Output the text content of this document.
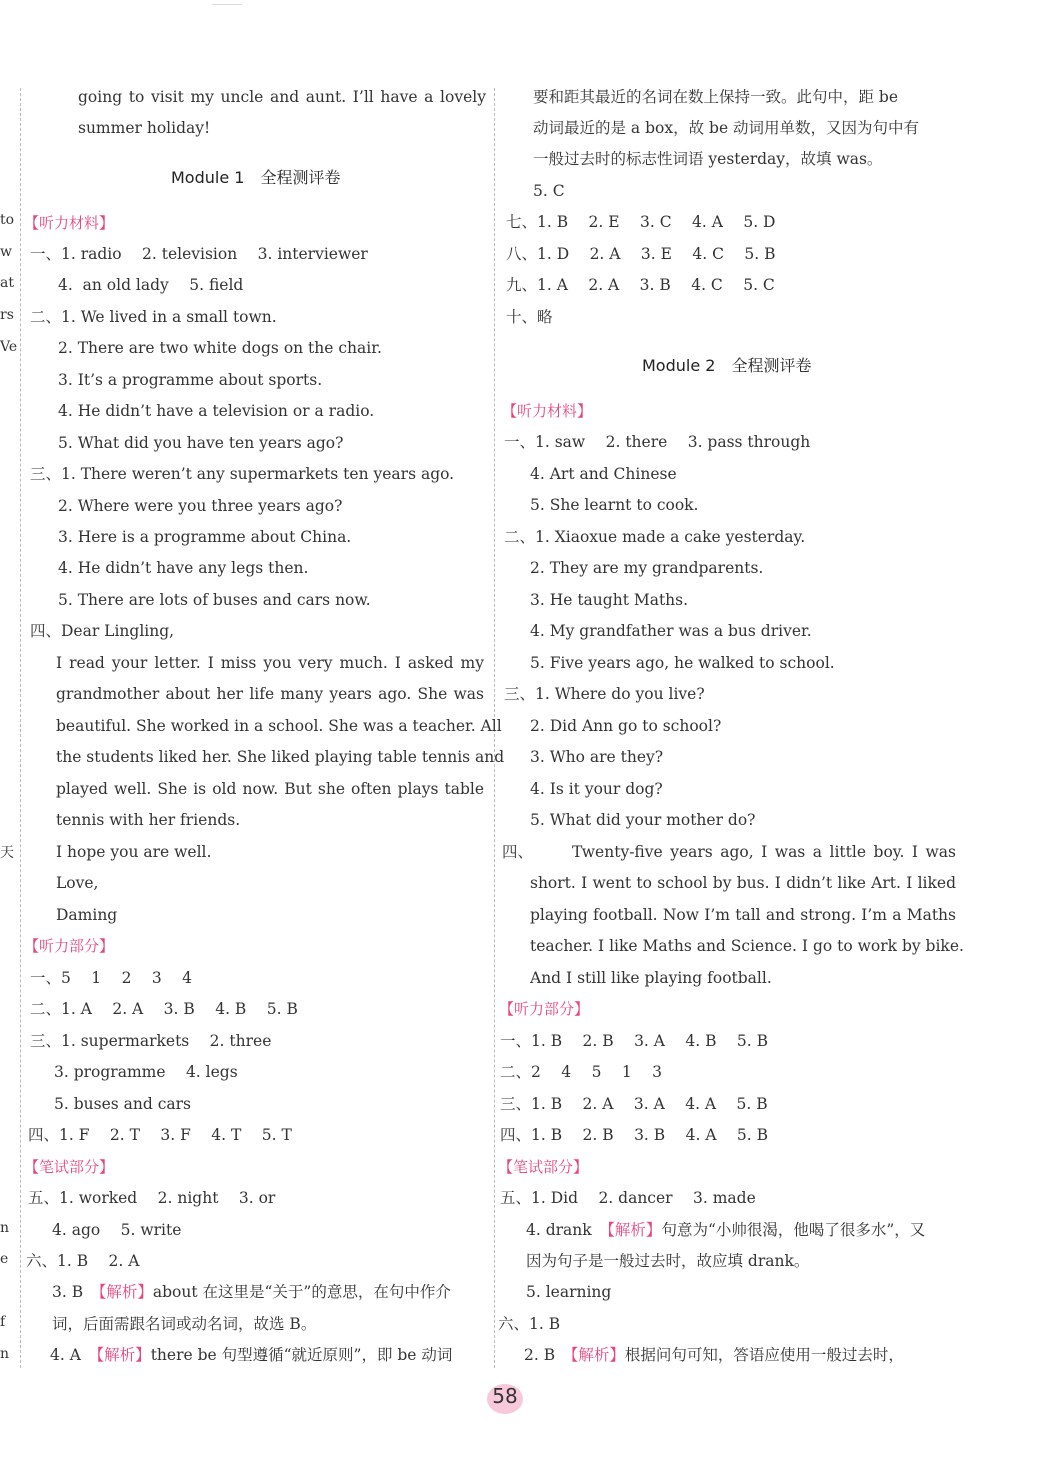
to
w
at
rs
Ve
天
n
e
f
n
going to visit my uncle and aunt. I’ll have a lovely
summer holiday!
Module 1　全程测评卷
【听力材料】
一、1. radio　 2. television　 3. interviewer
4.  an old lady　 5. field
二、1. We lived in a small town.
2. There are two white dogs on the chair.
3. It’s a programme about sports.
4. He didn’t have a television or a radio.
5. What did you have ten years ago?
三、1. There weren’t any supermarkets ten years ago.
2. Where were you three years ago?
3. Here is a programme about China.
4. He didn’t have any legs then.
5. There are lots of buses and cars now.
四、Dear Lingling,
I read your letter. I miss you very much. I asked my
grandmother about her life many years ago. She was
beautiful. She worked in a school. She was a teacher. All
the students liked her. She liked playing table tennis and
played well. She is old now. But she often plays table
tennis with her friends.
I hope you are well.
Love,
Daming
【听力部分】
一、5　 1　 2　 3　 4
二、1. A　 2. A　 3. B　 4. B　 5. B
三、1. supermarkets　 2. three
3. programme　 4. legs
5. buses and cars
四、1. F　 2. T　 3. F　 4. T　 5. T
【笔试部分】
五、1. worked　 2. night　 3. or
4. ago　 5. write
六、1. B　 2. A
3. B　【解析】about 在这里是“关于”的意思，在句中作介
词，后面需跟名词或动名词，故选 B。
4. A　【解析】there be 句型遵循“就近原则”，即 be 动词
要和距其最近的名词在数上保持一致。此句中，距 be
动词最近的是 a box，故 be 动词用单数，又因为句中有
一般过去时的标志性词语 yesterday，故填 was。
5. C
七、1. B　 2. E　 3. C　 4. A　 5. D
八、1. D　 2. A　 3. E　 4. C　 5. B
九、1. A　 2. A　 3. B　 4. C　 5. C
十、略
Module 2　全程测评卷
【听力材料】
一、1. saw　 2. there　 3. pass through
4. Art and Chinese
5. She learnt to cook.
二、1. Xiaoxue made a cake yesterday.
2. They are my grandparents.
3. He taught Maths.
4. My grandfather was a bus driver.
5. Five years ago, he walked to school.
三、1. Where do you live?
2. Did Ann go to school?
3. Who are they?
4. Is it your dog?
5. What did your mother do?
四、	Twenty-five years ago, I was a little boy. I was
short. I went to school by bus. I didn’t like Art. I liked
playing football. Now I’m tall and strong. I’m a Maths
teacher. I like Maths and Science. I go to work by bike.
And I still like playing football.
【听力部分】
一、1. B　 2. B　 3. A　 4. B　 5. B
二、2　 4　 5　 1　 3
三、1. B　 2. A　 3. A　 4. A　 5. B
四、1. B　 2. B　 3. B　 4. A　 5. B
【笔试部分】
五、1. Did　 2. dancer　 3. made
4. drank　【解析】句意为“小帅很渴，他喝了很多水”，又
因为句子是一般过去时，故应填 drank。
5. learning
六、1. B
2. B　【解析】根据问句可知，答语应使用一般过去时，
58
